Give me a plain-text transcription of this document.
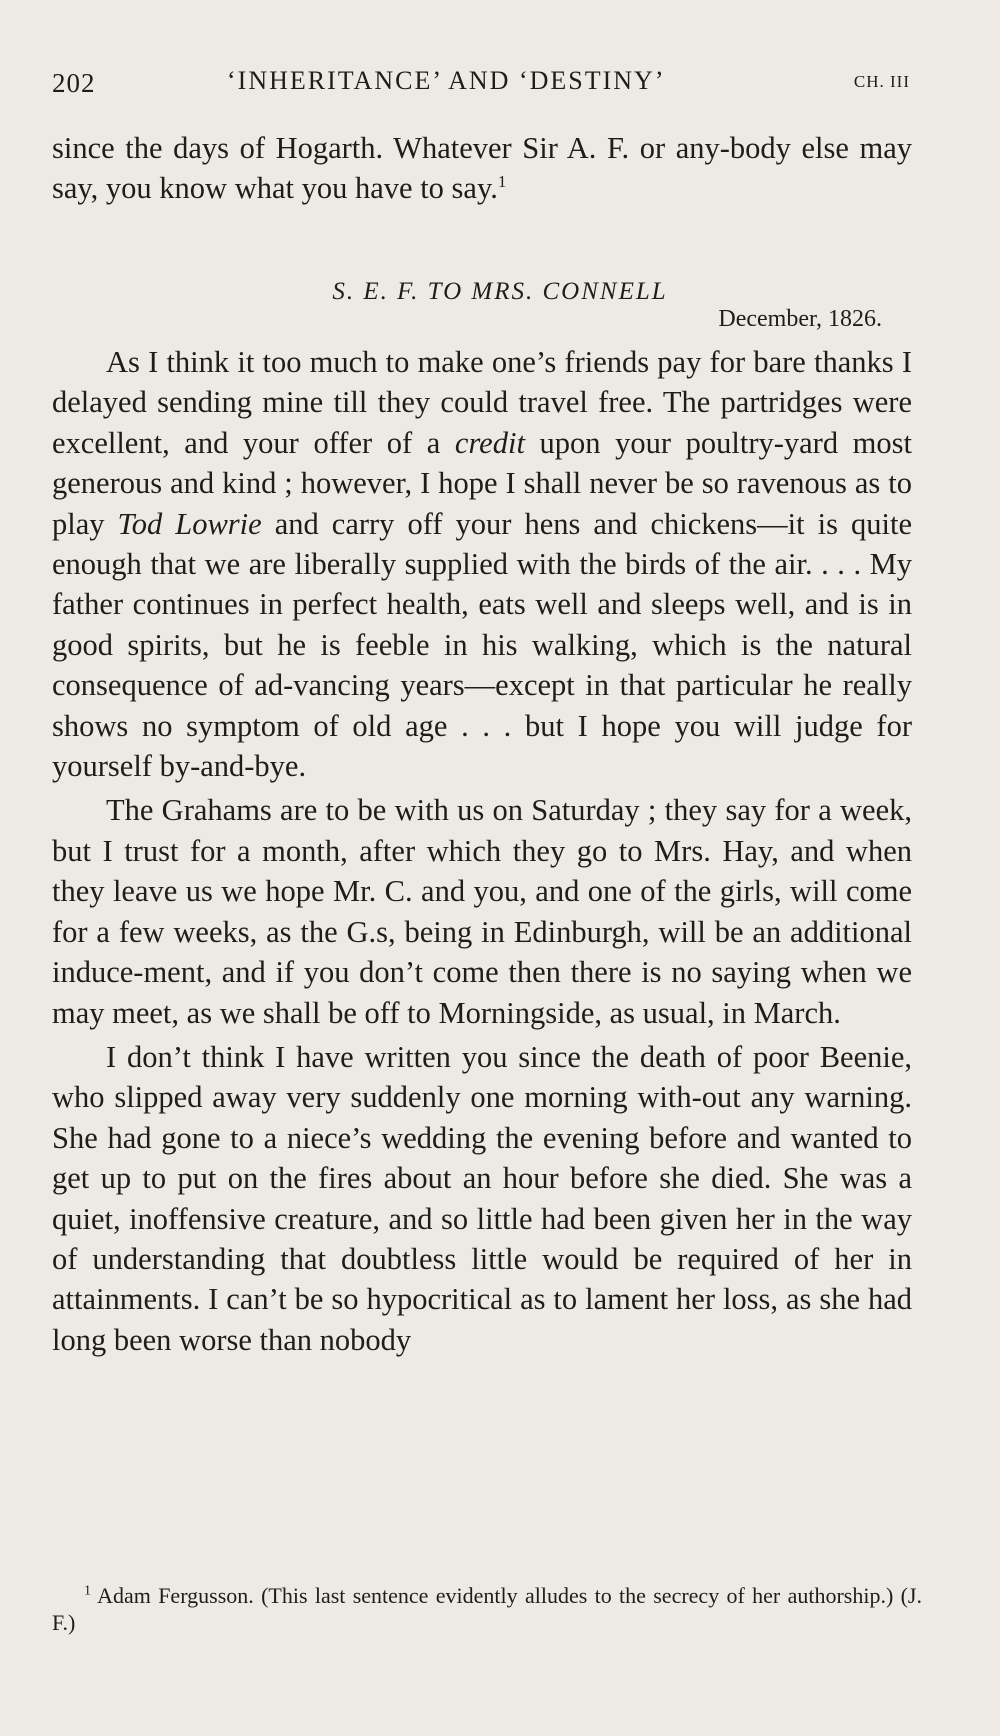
202	‘INHERITANCE’ AND ‘DESTINY’	CH. III

since the days of Hogarth. Whatever Sir A. F. or any-body else may say, you know what you have to say.$^1$

S. E. F. TO MRS. CONNELL
December, 1826.

As I think it too much to make one’s friends pay for bare thanks I delayed sending mine till they could travel free. The partridges were excellent, and your offer of a credit upon your poultry-yard most generous and kind ; however, I hope I shall never be so ravenous as to play Tod Lowrie and carry off your hens and chickens—it is quite enough that we are liberally supplied with the birds of the air. . . . My father continues in perfect health, eats well and sleeps well, and is in good spirits, but he is feeble in his walking, which is the natural consequence of ad-vancing years—except in that particular he really shows no symptom of old age . . . but I hope you will judge for yourself by-and-bye.

The Grahams are to be with us on Saturday ; they say for a week, but I trust for a month, after which they go to Mrs. Hay, and when they leave us we hope Mr. C. and you, and one of the girls, will come for a few weeks, as the G.s, being in Edinburgh, will be an additional induce-ment, and if you don’t come then there is no saying when we may meet, as we shall be off to Morningside, as usual, in March.

I don’t think I have written you since the death of poor Beenie, who slipped away very suddenly one morning with-out any warning. She had gone to a niece’s wedding the evening before and wanted to get up to put on the fires about an hour before she died. She was a quiet, inoffensive creature, and so little had been given her in the way of understanding that doubtless little would be required of her in attainments. I can’t be so hypocritical as to lament her loss, as she had long been worse than nobody

$^1$ Adam Fergusson. (This last sentence evidently alludes to the secrecy of her authorship.) (J. F.)
